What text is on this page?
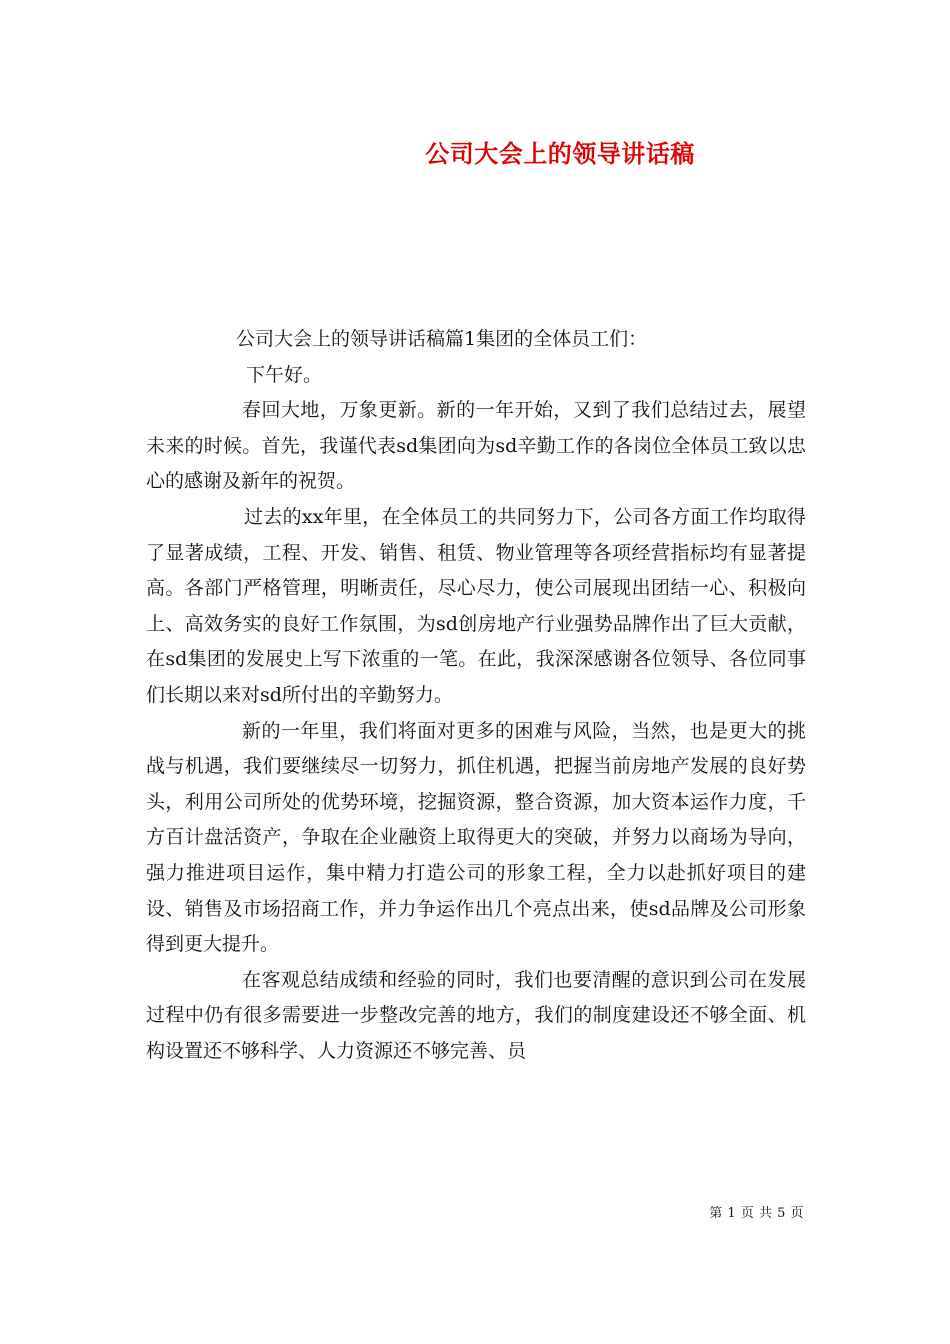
公司大会上的领导讲话稿

公司大会上的领导讲话稿篇1集团的全体员工们：

下午好。

春回大地，万象更新。新的一年开始，又到了我们总结过去，展望未来的时候。首先，我谨代表sd集团向为sd辛勤工作的各岗位全体员工致以忠心的感谢及新年的祝贺。

过去的xx年里，在全体员工的共同努力下，公司各方面工作均取得了显著成绩，工程、开发、销售、租赁、物业管理等各项经营指标均有显著提高。各部门严格管理，明晰责任，尽心尽力，使公司展现出团结一心、积极向上、高效务实的良好工作氛围，为sd创房地产行业强势品牌作出了巨大贡献，在sd集团的发展史上写下浓重的一笔。在此，我深深感谢各位领导、各位同事们长期以来对sd所付出的辛勤努力。

新的一年里，我们将面对更多的困难与风险，当然，也是更大的挑战与机遇，我们要继续尽一切努力，抓住机遇，把握当前房地产发展的良好势头，利用公司所处的优势环境，挖掘资源，整合资源，加大资本运作力度，千方百计盘活资产，争取在企业融资上取得更大的突破，并努力以商场为导向，强力推进项目运作，集中精力打造公司的形象工程，全力以赴抓好项目的建设、销售及市场招商工作，并力争运作出几个亮点出来，使sd品牌及公司形象得到更大提升。

在客观总结成绩和经验的同时，我们也要清醒的意识到公司在发展过程中仍有很多需要进一步整改完善的地方，我们的制度建设还不够全面、机构设置还不够科学、人力资源还不够完善、员

第 1 页 共 5 页
